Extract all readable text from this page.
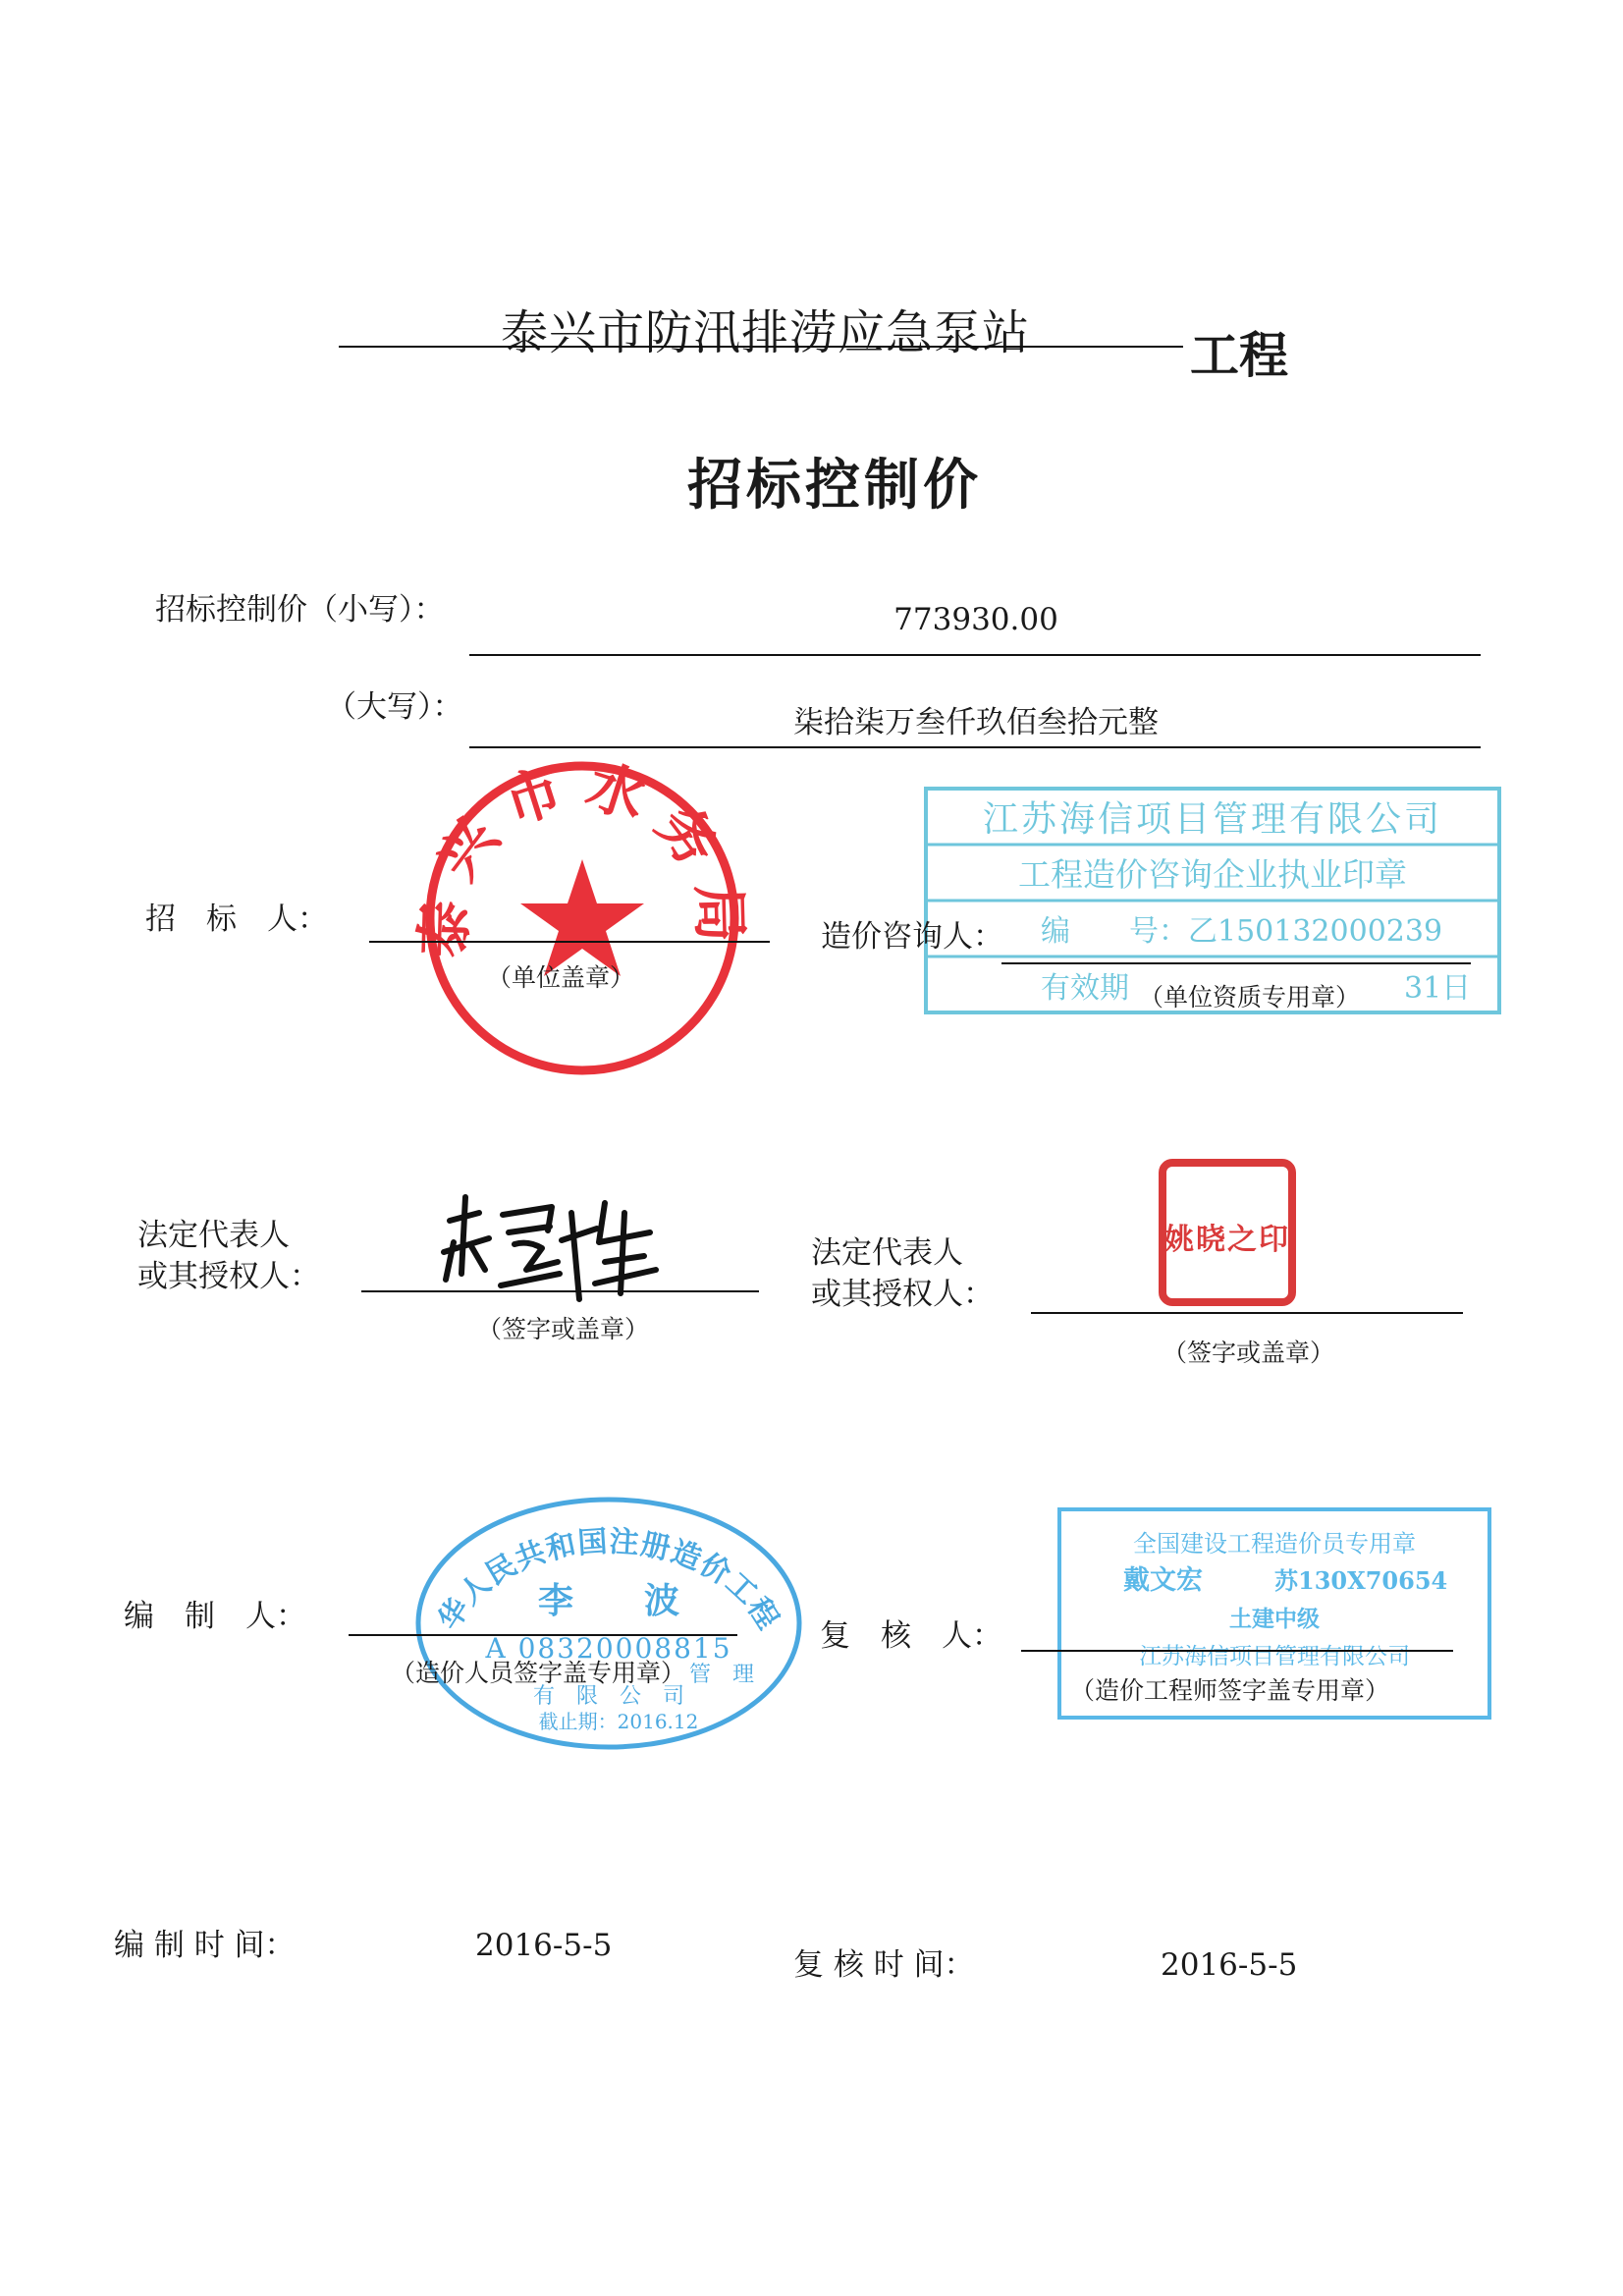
泰兴市防汛排涝应急泵站	工程
招标控制价
招标控制价（小写）：	773930.00
（大写）：	柒拾柒万叁仟玖佰叁拾元整
泰兴市水务局
招　标　人：
（单位盖章）
江苏海信项目管理有限公司
工程造价咨询企业执业印章
编　　号：乙150132000239
有效期	31日
造价咨询人：
（单位资质专用章）
法定代表人
或其授权人：
（签字或盖章）
法定代表人
或其授权人：
姚晓之印
（签字或盖章）
中华人民共和国注册造价工程师
李　　波
A 08320008815
管　理
有　限　公　司
截止期：2016.12
编　制　人：
（造价人员签字盖专用章）
全国建设工程造价员专用章
戴文宏	苏130X70654
土建中级
江苏海信项目管理有限公司
复　核　人：
（造价工程师签字盖专用章）
编 制 时 间：	2016-5-5
复 核 时 间：	2016-5-5
